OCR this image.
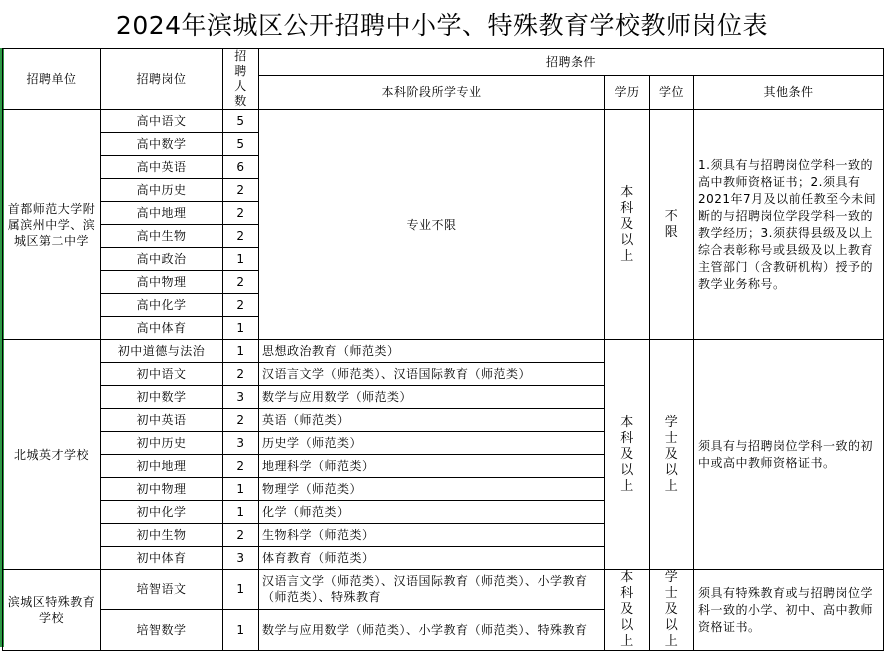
2024年滨城区公开招聘中小学、特殊教育学校教师岗位表
招聘单位	招聘岗位	招聘人数	招聘条件			
			本科阶段所学专业	学历	学位	其他条件
首都师范大学附属滨州中学、滨城区第二中学	高中语文	5	专业不限	本科及以上	不限	1.须具有与招聘岗位学科一致的高中教师资格证书；2.须具有2021年7月及以前任教至今未间断的与招聘岗位学段学科一致的教学经历；3.须获得县级及以上综合表彰称号或县级及以上教育主管部门（含教研机构）授予的教学业务称号。
	高中数学	5				
	高中英语	6				
	高中历史	2				
	高中地理	2				
	高中生物	2				
	高中政治	1				
	高中物理	2				
	高中化学	2				
	高中体育	1				
北城英才学校	初中道德与法治	1	思想政治教育（师范类）	本科及以上	学士及以上	须具有与招聘岗位学科一致的初中或高中教师资格证书。
	初中语文	2	汉语言文学（师范类）、汉语国际教育（师范类）			
	初中数学	3	数学与应用数学（师范类）			
	初中英语	2	英语（师范类）			
	初中历史	3	历史学（师范类）			
	初中地理	2	地理科学（师范类）			
	初中物理	1	物理学（师范类）			
	初中化学	1	化学（师范类）			
	初中生物	2	生物科学（师范类）			
	初中体育	3	体育教育（师范类）			
滨城区特殊教育学校	培智语文	1	汉语言文学（师范类）、汉语国际教育（师范类）、小学教育（师范类）、特殊教育	本科及以上	学士及以上	须具有特殊教育或与招聘岗位学科一致的小学、初中、高中教师资格证书。
	培智数学	1	数学与应用数学（师范类）、小学教育（师范类）、特殊教育			
